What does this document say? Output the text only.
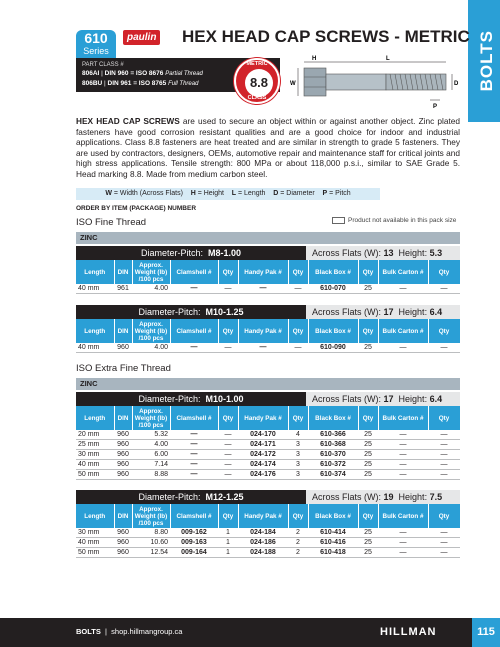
BOLTS
610
Series
paulin HEX HEAD CAP SCREWS - METRIC
PART CLASS #
806AI | DIN 960 = ISO 8676 Partial Thread
806BU | DIN 961 = ISO 8765 Full Thread
METRIC
8.8
CLASS
H	L
W	D
P
HEX HEAD CAP SCREWS are used to secure an object within or against another object. Zinc plated fasteners have good corrosion resistant qualities and are a good choice for indoor and industrial applications. Class 8.8 fasteners are heat treated and are similar in strength to grade 5 fasteners. They are used by contractors, designers, OEMs, automotive repair and maintenance staff for critical joints and high stress applications. Tensile strength: 800 MPa or about 118,000 p.s.i., similar to SAE Grade 5. Head marking 8.8. Made from medium carbon steel.
W = Width (Across Flats) H = Height L = Length D = Diameter P = Pitch
ORDER BY ITEM (PACKAGE) NUMBER
Product not available in this pack size
ISO Fine Thread
ZINC
Diameter-Pitch: M8-1.00	Across Flats (W): 13 Height: 5.3
Length	DIN	Approx. Weight (lb) /100 pcs	Clamshell #	Qty	Handy Pak #	Qty	Black Box #	Qty	Bulk Carton #	Qty
40 mm	961	4.00	—	—	—	—	610-070	25	—	—
Diameter-Pitch: M10-1.25	Across Flats (W): 17 Height: 6.4
Length	DIN	Approx. Weight (lb) /100 pcs	Clamshell #	Qty	Handy Pak #	Qty	Black Box #	Qty	Bulk Carton #	Qty
40 mm	960	4.00	—	—	—	—	610-090	25	—	—
ISO Extra Fine Thread
ZINC
Diameter-Pitch: M10-1.00	Across Flats (W): 17 Height: 6.4
Length	DIN	Approx. Weight (lb) /100 pcs	Clamshell #	Qty	Handy Pak #	Qty	Black Box #	Qty	Bulk Carton #	Qty
20 mm	960	5.32	—	—	024-170	4	610-366	25	—	—
25 mm	960	4.00	—	—	024-171	3	610-368	25	—	—
30 mm	960	6.00	—	—	024-172	3	610-370	25	—	—
40 mm	960	7.14	—	—	024-174	3	610-372	25	—	—
50 mm	960	8.88	—	—	024-176	3	610-374	25	—	—
Diameter-Pitch: M12-1.25	Across Flats (W): 19 Height: 7.5
Length	DIN	Approx. Weight (lb) /100 pcs	Clamshell #	Qty	Handy Pak #	Qty	Black Box #	Qty	Bulk Carton #	Qty
30 mm	960	8.80	009-162	1	024-184	2	610-414	25	—	—
40 mm	960	10.60	009-163	1	024-186	2	610-416	25	—	—
50 mm	960	12.54	009-164	1	024-188	2	610-418	25	—	—
BOLTS | shop.hillmangroup.ca	HILLMAN	115
